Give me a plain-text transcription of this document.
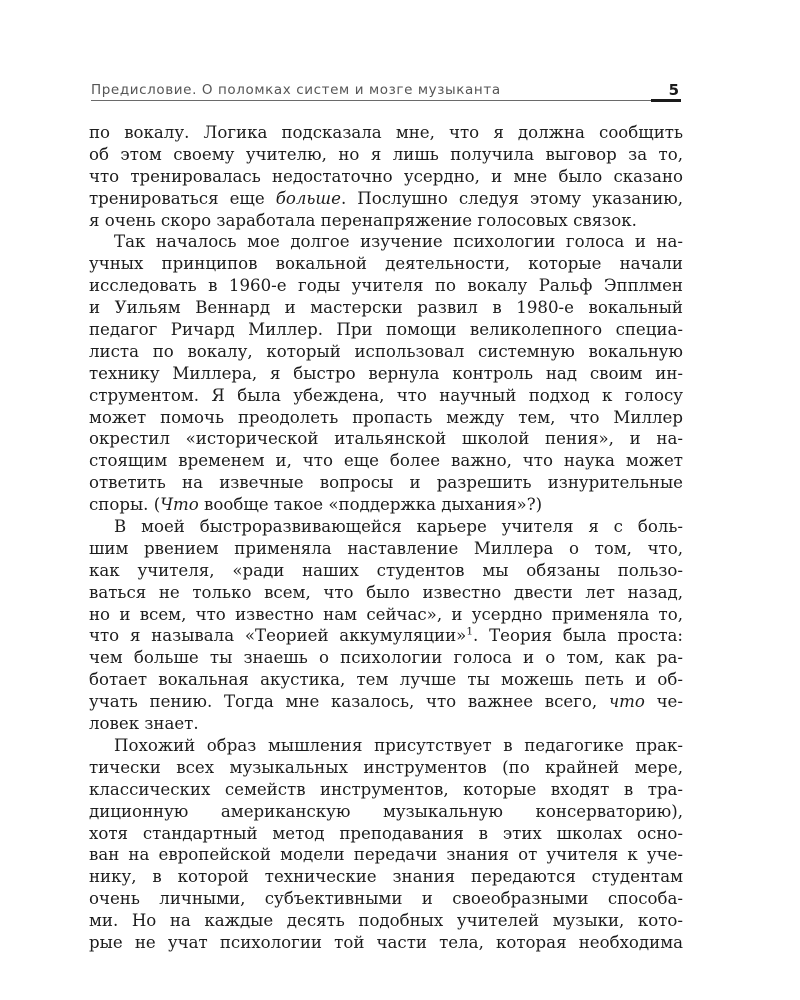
Предисловие. О поломках систем и мозге музыканта	5
по вокалу. Логика подсказала мне, что я должна сообщить
об этом своему учителю, но я лишь получила выговор за то,
что тренировалась недостаточно усердно, и мне было сказано
тренироваться еще больше. Послушно следуя этому указанию,
я очень скоро заработала перенапряжение голосовых связок.
Так началось мое долгое изучение психологии голоса и на-
учных принципов вокальной деятельности, которые начали
исследовать в 1960-е годы учителя по вокалу Ральф Эпплмен
и Уильям Веннард и мастерски развил в 1980-е вокальный
педагог Ричард Миллер. При помощи великолепного специа-
листа по вокалу, который использовал системную вокальную
технику Миллера, я быстро вернула контроль над своим ин-
струментом. Я была убеждена, что научный подход к голосу
может помочь преодолеть пропасть между тем, что Миллер
окрестил «исторической итальянской школой пения», и на-
стоящим временем и, что еще более важно, что наука может
ответить на извечные вопросы и разрешить изнурительные
споры. (Что вообще такое «поддержка дыхания»?)
В моей быстроразвивающейся карьере учителя я с боль-
шим рвением применяла наставление Миллера о том, что,
как учителя, «ради наших студентов мы обязаны пользо-
ваться не только всем, что было известно двести лет назад,
но и всем, что известно нам сейчас», и усердно применяла то,
что я называла «Теорией аккумуляции»$^1$. Теория была проста:
чем больше ты знаешь о психологии голоса и о том, как ра-
ботает вокальная акустика, тем лучше ты можешь петь и об-
учать пению. Тогда мне казалось, что важнее всего, что че-
ловек знает.
Похожий образ мышления присутствует в педагогике прак-
тически всех музыкальных инструментов (по крайней мере,
классических семейств инструментов, которые входят в тра-
диционную американскую музыкальную консерваторию),
хотя стандартный метод преподавания в этих школах осно-
ван на европейской модели передачи знания от учителя к уче-
нику, в которой технические знания передаются студентам
очень личными, субъективными и своеобразными способа-
ми. Но на каждые десять подобных учителей музыки, кото-
рые не учат психологии той части тела, которая необходима
